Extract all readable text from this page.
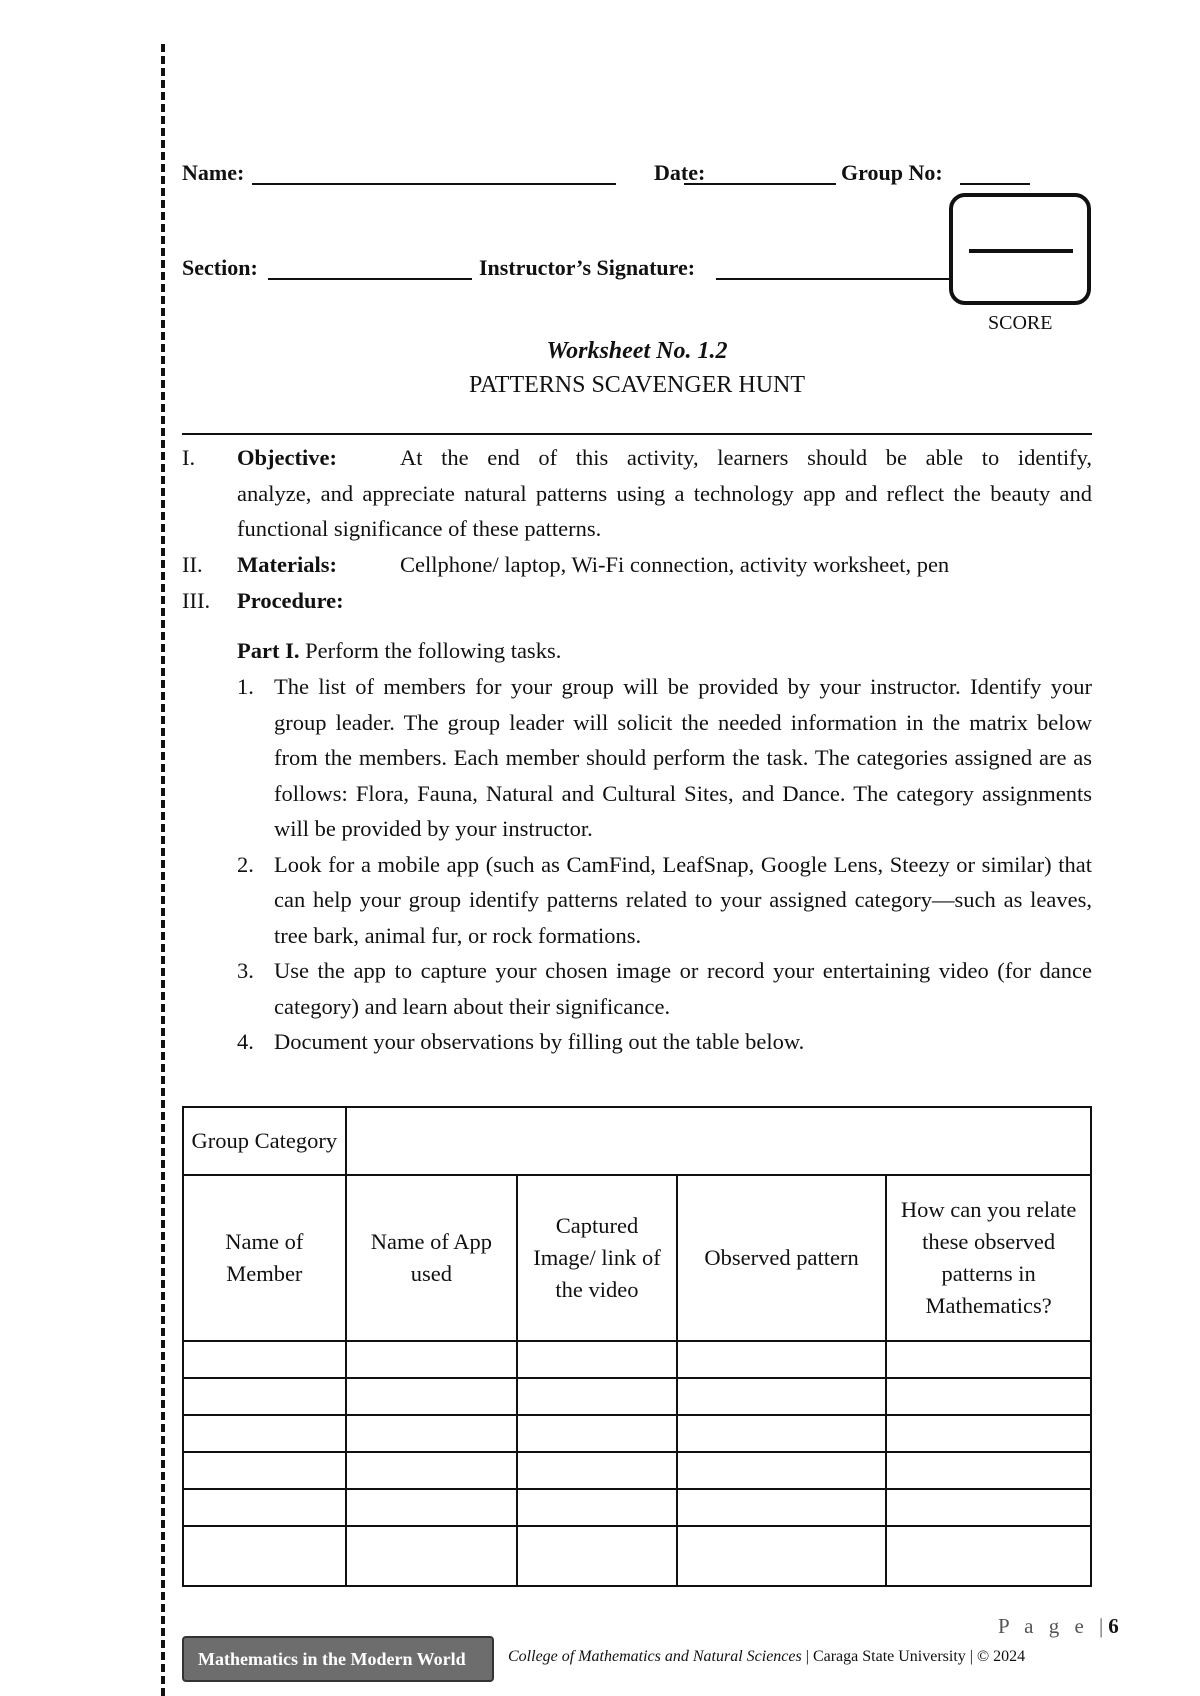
Name:	Date:	Group No:
Section:	Instructor’s Signature:
SCORE
Worksheet No. 1.2
PATTERNS SCAVENGER HUNT
I. Objective:	At the end of this activity, learners should be able to identify,
analyze, and appreciate natural patterns using a technology app and reflect the beauty and functional significance of these patterns.
II. Materials:	Cellphone/ laptop, Wi-Fi connection, activity worksheet, pen
III. Procedure:
Part I. Perform the following tasks.
1. The list of members for your group will be provided by your instructor. Identify your group leader. The group leader will solicit the needed information in the matrix below from the members. Each member should perform the task. The categories assigned are as follows: Flora, Fauna, Natural and Cultural Sites, and Dance. The category assignments will be provided by your instructor.
2. Look for a mobile app (such as CamFind, LeafSnap, Google Lens, Steezy or similar) that can help your group identify patterns related to your assigned category—such as leaves, tree bark, animal fur, or rock formations.
3. Use the app to capture your chosen image or record your entertaining video (for dance category) and learn about their significance.
4. Document your observations by filling out the table below.
Group Category				
Name of Member	Name of App used	Captured Image/ link of the video	Observed pattern	How can you relate these observed patterns in Mathematics?

P a g e |6
Mathematics in the Modern World	College of Mathematics and Natural Sciences | Caraga State University | © 2024
